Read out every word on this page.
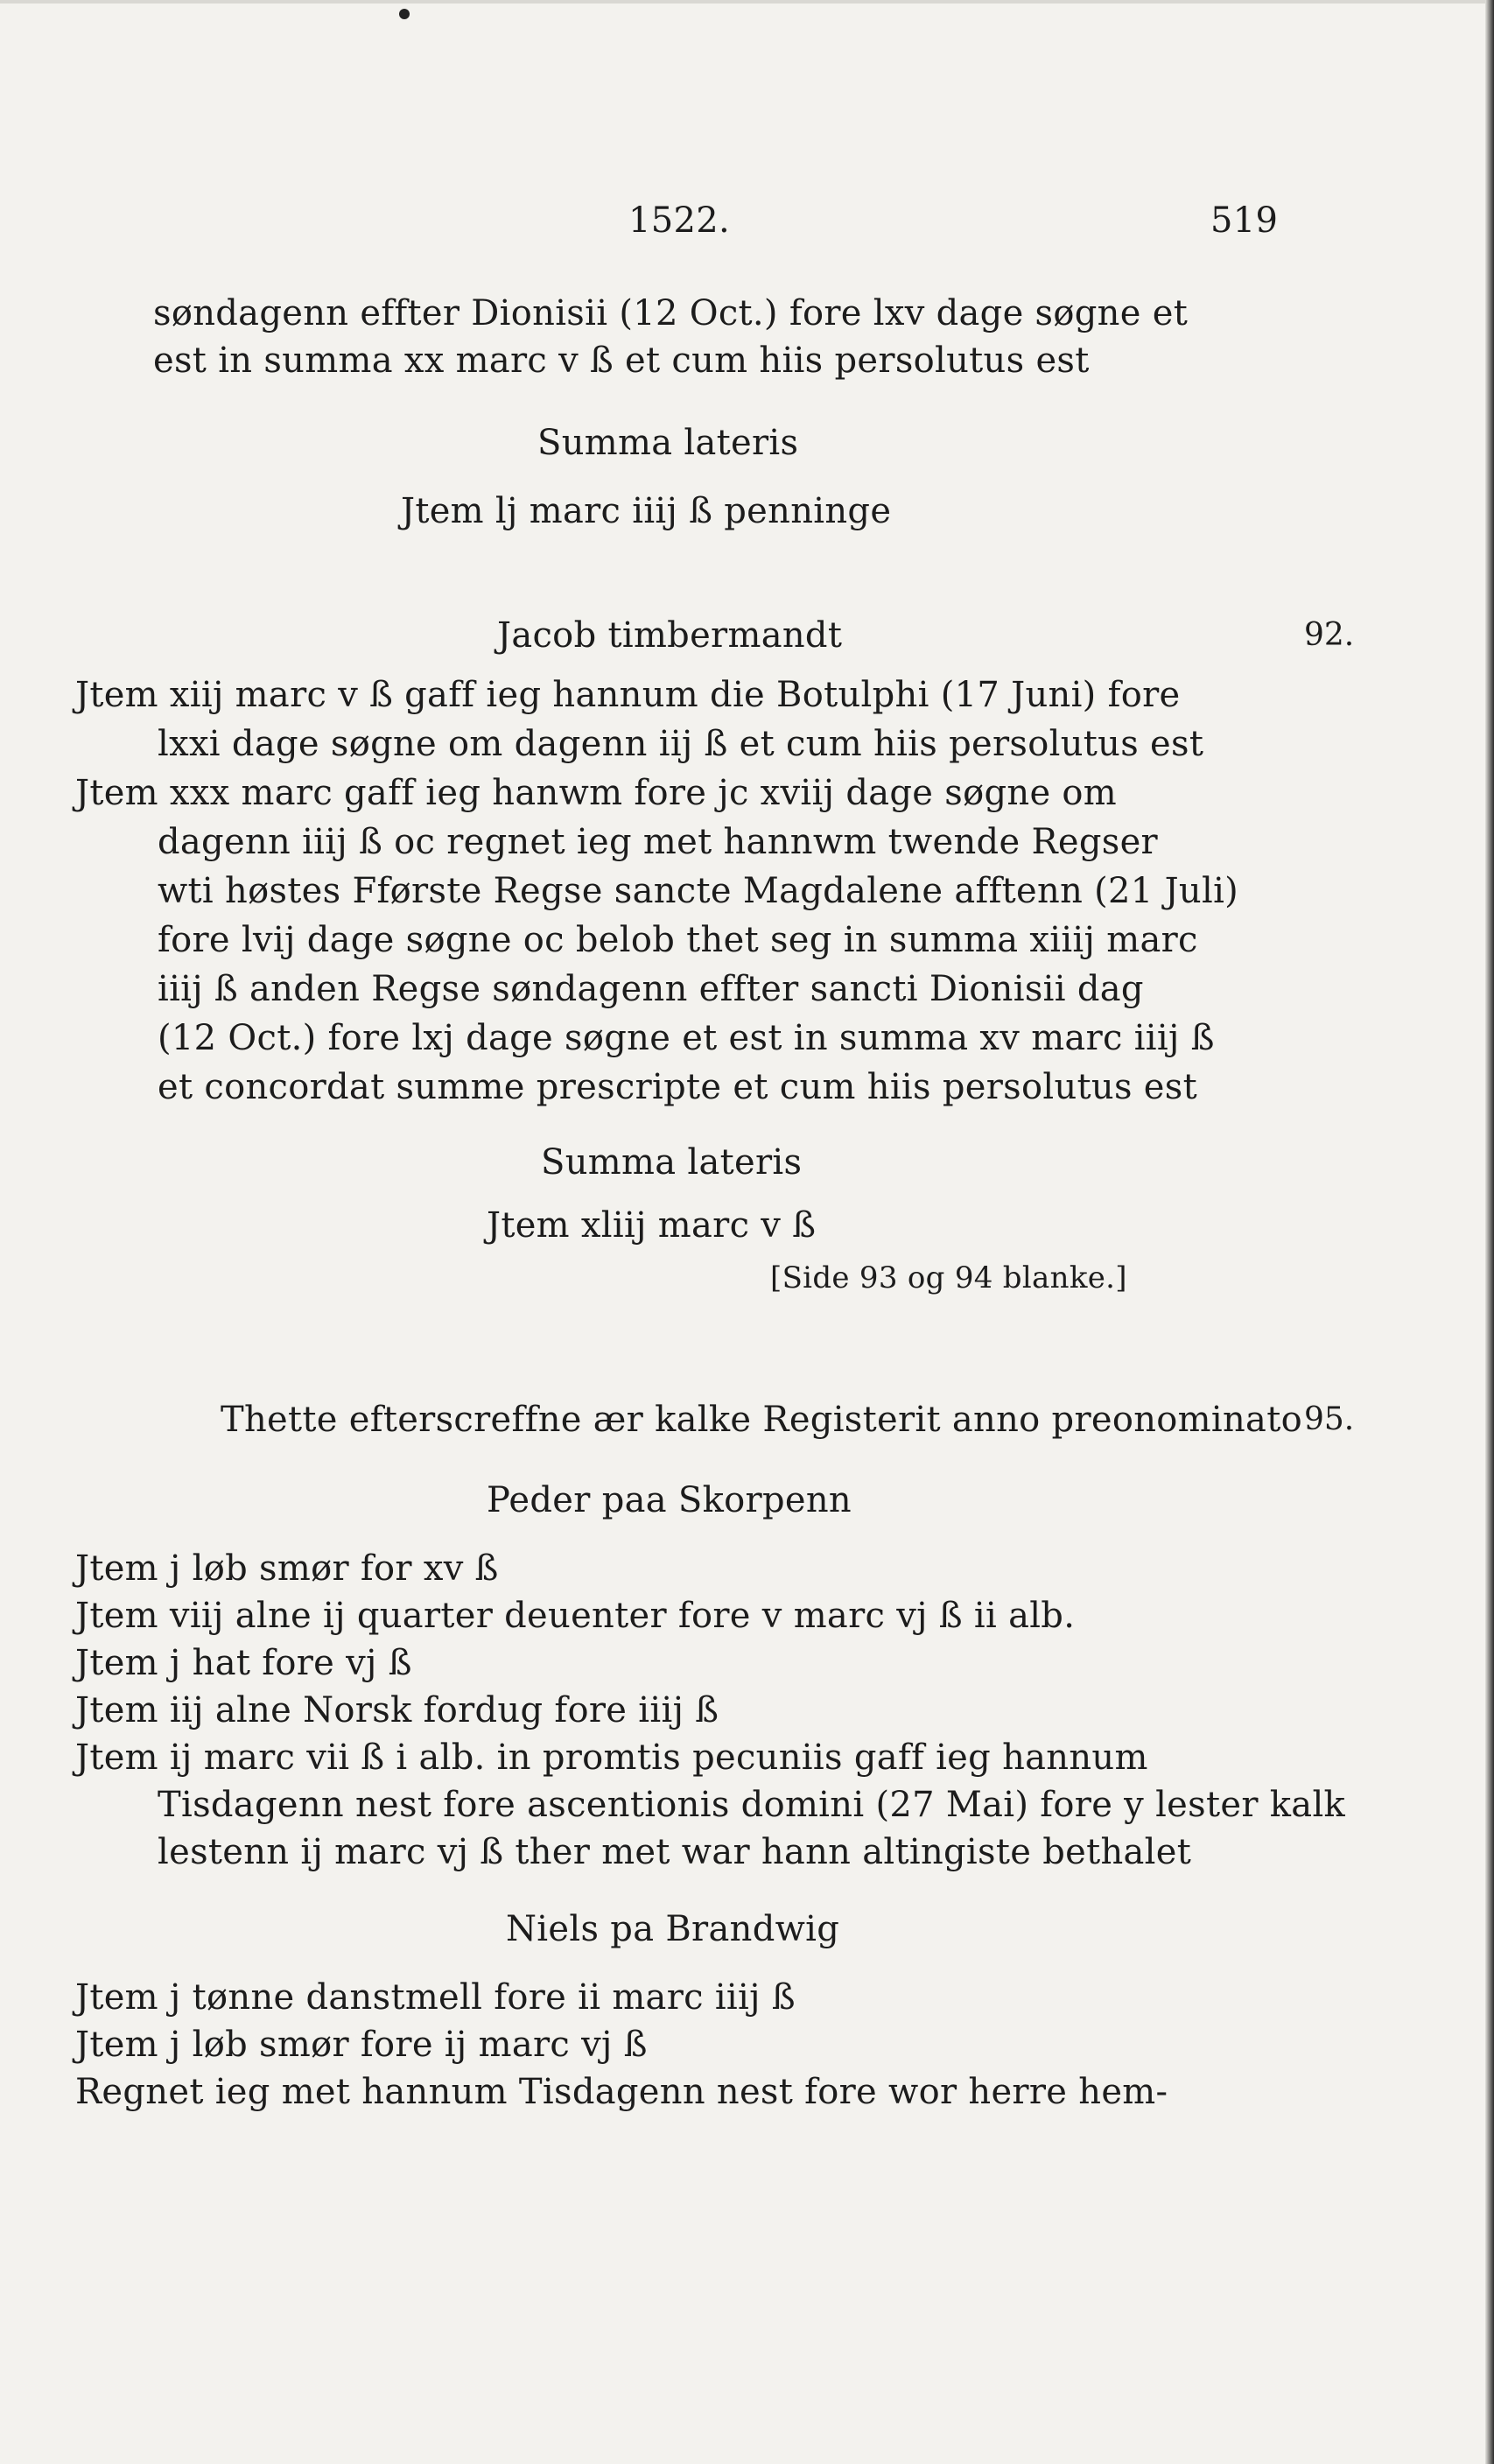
1522.	519
søndagenn effter Dionisii (12 Oct.) fore lxv dage søgne et
est in summa xx marc v ß et cum hiis persolutus est
Summa lateris
Jtem lj marc iiij ß penninge
Jacob timbermandt	92.
Jtem xiij marc v ß gaff ieg hannum die Botulphi (17 Juni) fore
lxxi dage søgne om dagenn iij ß et cum hiis persolutus est
Jtem xxx marc gaff ieg hanwm fore jc xviij dage søgne om
dagenn iiij ß oc regnet ieg met hannwm twende Regser
wti høstes Fførste Regse sancte Magdalene afftenn (21 Juli)
fore lvij dage søgne oc belob thet seg in summa xiiij marc
iiij ß anden Regse søndagenn effter sancti Dionisii dag
(12 Oct.) fore lxj dage søgne et est in summa xv marc iiij ß
et concordat summe prescripte et cum hiis persolutus est
Summa lateris
Jtem xliij marc v ß
[Side 93 og 94 blanke.]
Thette efterscreffne ær kalke Registerit anno preonominato 95.
Peder paa Skorpenn
Jtem j løb smør for xv ß
Jtem viij alne ij quarter deuenter fore v marc vj ß ii alb.
Jtem j hat fore vj ß
Jtem iij alne Norsk fordug fore iiij ß
Jtem ij marc vii ß i alb. in promtis pecuniis gaff ieg hannum
Tisdagenn nest fore ascentionis domini (27 Mai) fore y lester kalk
lestenn ij marc vj ß ther met war hann altingiste bethalet
Niels pa Brandwig
Jtem j tønne danstmell fore ii marc iiij ß
Jtem j løb smør fore ij marc vj ß
Regnet ieg met hannum Tisdagenn nest fore wor herre hem-
